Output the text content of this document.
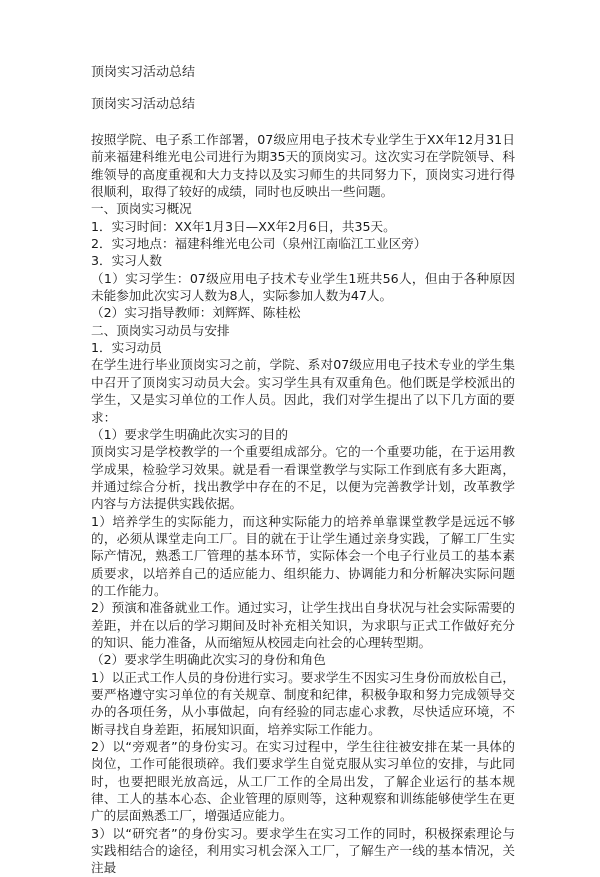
顶岗实习活动总结
顶岗实习活动总结

按照学院、电子系工作部署，07级应用电子技术专业学生于XX年12月31日前来福建科维光电公司进行为期35天的顶岗实习。这次实习在学院领导、科维领导的高度重视和大力支持以及实习师生的共同努力下，顶岗实习进行得很顺利，取得了较好的成绩，同时也反映出一些问题。

一、顶岗实习概况

1．实习时间：XX年1月3日—XX年2月6日，共35天。

2．实习地点：福建科维光电公司（泉州江南临江工业区旁）

3．实习人数

（1）实习学生：07级应用电子技术专业学生1班共56人，但由于各种原因未能参加此次实习人数为8人，实际参加人数为47人。

（2）实习指导教师：刘辉辉、陈桂松

二、顶岗实习动员与安排

1．实习动员

在学生进行毕业顶岗实习之前，学院、系对07级应用电子技术专业的学生集中召开了顶岗实习动员大会。实习学生具有双重角色。他们既是学校派出的学生，又是实习单位的工作人员。因此，我们对学生提出了以下几方面的要求：

（1）要求学生明确此次实习的目的

顶岗实习是学校教学的一个重要组成部分。它的一个重要功能，在于运用教学成果，检验学习效果。就是看一看课堂教学与实际工作到底有多大距离，并通过综合分析，找出教学中存在的不足，以便为完善教学计划，改革教学内容与方法提供实践依据。

1）培养学生的实际能力，而这种实际能力的培养单靠课堂教学是远远不够的，必须从课堂走向工厂。目的就在于让学生通过亲身实践，了解工厂生实际产情况，熟悉工厂管理的基本环节，实际体会一个电子行业员工的基本素质要求，以培养自己的适应能力、组织能力、协调能力和分析解决实际问题的工作能力。

2）预演和准备就业工作。通过实习，让学生找出自身状况与社会实际需要的差距，并在以后的学习期间及时补充相关知识，为求职与正式工作做好充分的知识、能力准备，从而缩短从校园走向社会的心理转型期。

（2）要求学生明确此次实习的身份和角色

1）以正式工作人员的身份进行实习。要求学生不因实习生身份而放松自己，要严格遵守实习单位的有关规章、制度和纪律，积极争取和努力完成领导交办的各项任务，从小事做起，向有经验的同志虚心求教，尽快适应环境，不断寻找自身差距，拓展知识面，培养实际工作能力。

2）以“旁观者”的身份实习。在实习过程中，学生往往被安排在某一具体的岗位，工作可能很琐碎。我们要求学生自觉克服从实习单位的安排，与此同时，也要把眼光放高远，从工厂工作的全局出发，了解企业运行的基本规律、工人的基本心态、企业管理的原则等，这种观察和训练能够使学生在更广的层面熟悉工厂，增强适应能力。

3）以“研究者”的身份实习。要求学生在实习工作的同时，积极探索理论与实践相结合的途径，利用实习机会深入工厂，了解生产一线的基本情况，关注最
